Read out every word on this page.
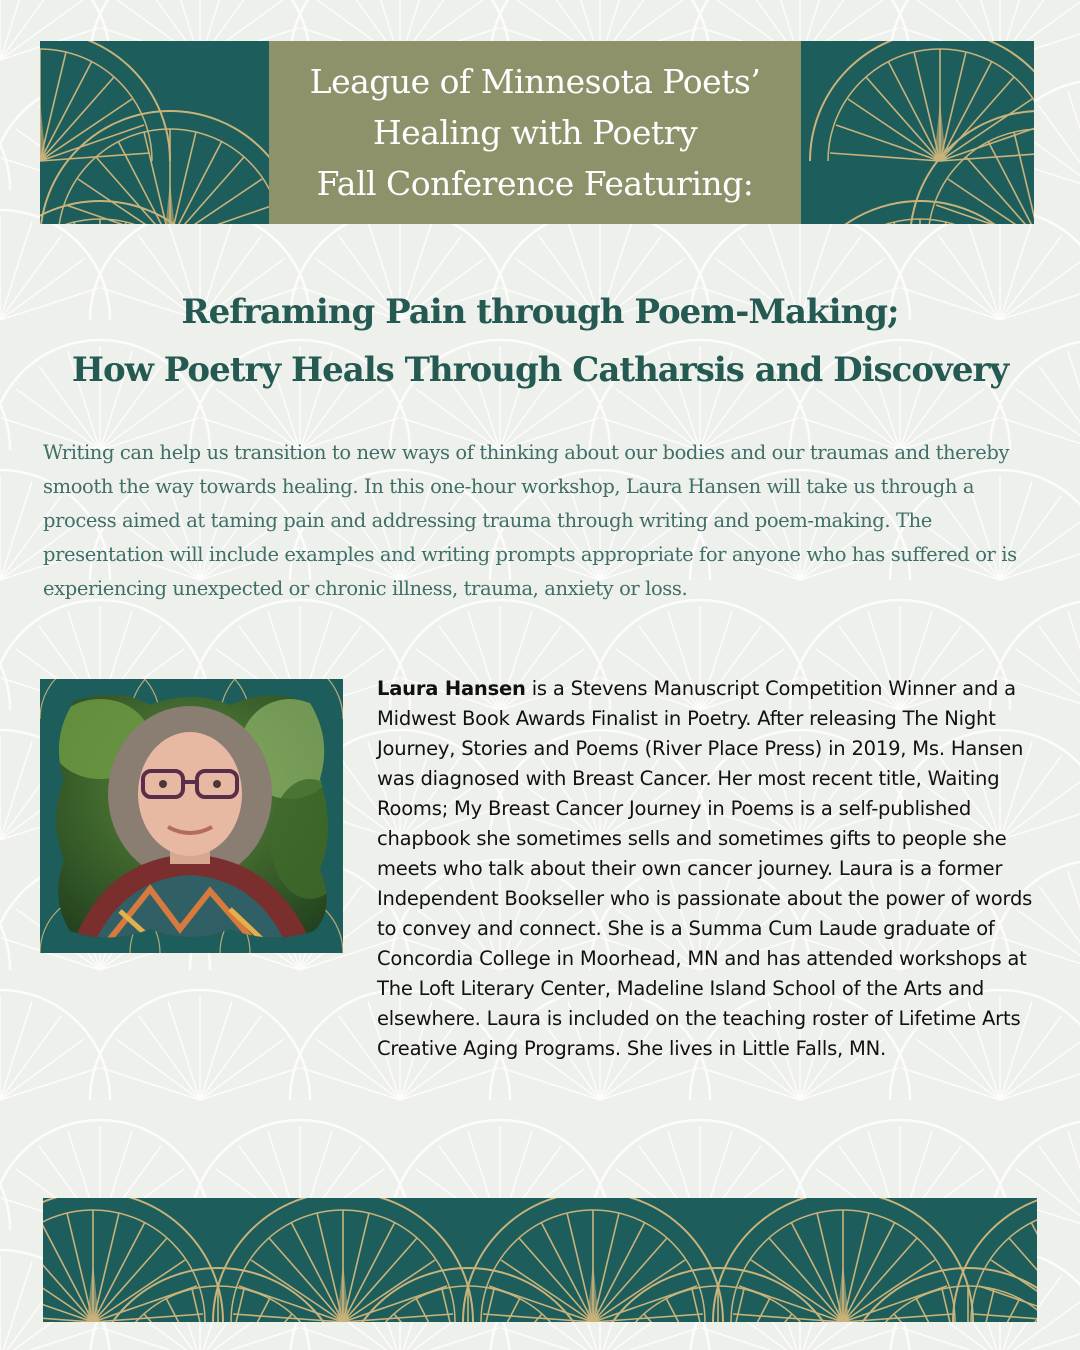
League of Minnesota Poets’
Healing with Poetry
Fall Conference Featuring:
Reframing Pain through Poem-Making;
How Poetry Heals Through Catharsis and Discovery

Writing can help us transition to new ways of thinking about our bodies and our traumas and thereby smooth the way towards healing. In this one-hour workshop, Laura Hansen will take us through a process aimed at taming pain and addressing trauma through writing and poem-making. The presentation will include examples and writing prompts appropriate for anyone who has suffered or is experiencing unexpected or chronic illness, trauma, anxiety or loss.

Laura Hansen is a Stevens Manuscript Competition Winner and a Midwest Book Awards Finalist in Poetry. After releasing The Night Journey, Stories and Poems (River Place Press) in 2019, Ms. Hansen was diagnosed with Breast Cancer. Her most recent title, Waiting Rooms; My Breast Cancer Journey in Poems is a self-published chapbook she sometimes sells and sometimes gifts to people she meets who talk about their own cancer journey. Laura is a former Independent Bookseller who is passionate about the power of words to convey and connect. She is a Summa Cum Laude graduate of Concordia College in Moorhead, MN and has attended workshops at The Loft Literary Center, Madeline Island School of the Arts and elsewhere. Laura is included on the teaching roster of Lifetime Arts Creative Aging Programs. She lives in Little Falls, MN.
